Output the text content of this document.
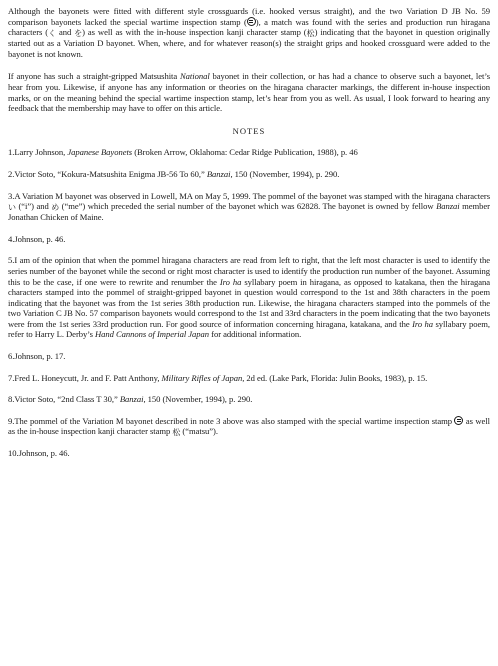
Although the bayonets were fitted with different style crossguards (i.e. hooked versus straight), and the two Variation D JB No. 59 comparison bayonets lacked the special wartime inspection stamp ( ), a match was found with the series and production run hiragana characters (く and を) as well as with the in-house inspection kanji character stamp (松) indicating that the bayonet in question originally started out as a Variation D bayonet. When, where, and for whatever reason(s) the straight grips and hooked crossguard were added to the bayonet is not known.

If anyone has such a straight-gripped Matsushita National bayonet in their collection, or has had a chance to observe such a bayonet, let’s hear from you. Likewise, if anyone has any information or theories on the hiragana character markings, the different in-house inspection marks, or on the meaning behind the special wartime inspection stamp, let’s hear from you as well. As usual, I look forward to hearing any feedback that the membership may have to offer on this article.

NOTES

1.Larry Johnson, Japanese Bayonets (Broken Arrow, Oklahoma: Cedar Ridge Publication, 1988), p. 46

2.Victor Soto, “Kokura-Matsushita Enigma JB-56 To 60,” Banzai, 150 (November, 1994), p. 290.

3.A Variation M bayonet was observed in Lowell, MA on May 5, 1999. The pommel of the bayonet was stamped with the hiragana characters い (“i”) and め (“me”) which preceded the serial number of the bayonet which was 62828. The bayonet is owned by fellow Banzai member Jonathan Chicken of Maine.

4.Johnson, p. 46.

5.I am of the opinion that when the pommel hiragana characters are read from left to right, that the left most character is used to identify the series number of the bayonet while the second or right most character is used to identify the production run number of the bayonet. Assuming this to be the case, if one were to rewrite and renumber the Iro ha syllabary poem in hiragana, as opposed to katakana, then the hiragana characters stamped into the pommel of straight-gripped bayonet in question would correspond to the 1st and 38th characters in the poem indicating that the bayonet was from the 1st series 38th production run. Likewise, the hiragana characters stamped into the pommels of the two Variation C JB No. 57 comparison bayonets would correspond to the 1st and 33rd characters in the poem indicating that the two bayonets were from the 1st series 33rd production run. For good source of information concerning hiragana, katakana, and the Iro ha syllabary poem, refer to Harry L. Derby’s Hand Cannons of Imperial Japan for additional information.

6.Johnson, p. 17.

7.Fred L. Honeycutt, Jr. and F. Patt Anthony, Military Rifles of Japan, 2d ed. (Lake Park, Florida: Julin Books, 1983), p. 15.

8.Victor Soto, “2nd Class T 30,” Banzai, 150 (November, 1994), p. 290.

9.The pommel of the Variation M bayonet described in note 3 above was also stamped with the special wartime inspection stamp  as well as the in-house inspection kanji character stamp 松 (“matsu”).

10.Johnson, p. 46.
